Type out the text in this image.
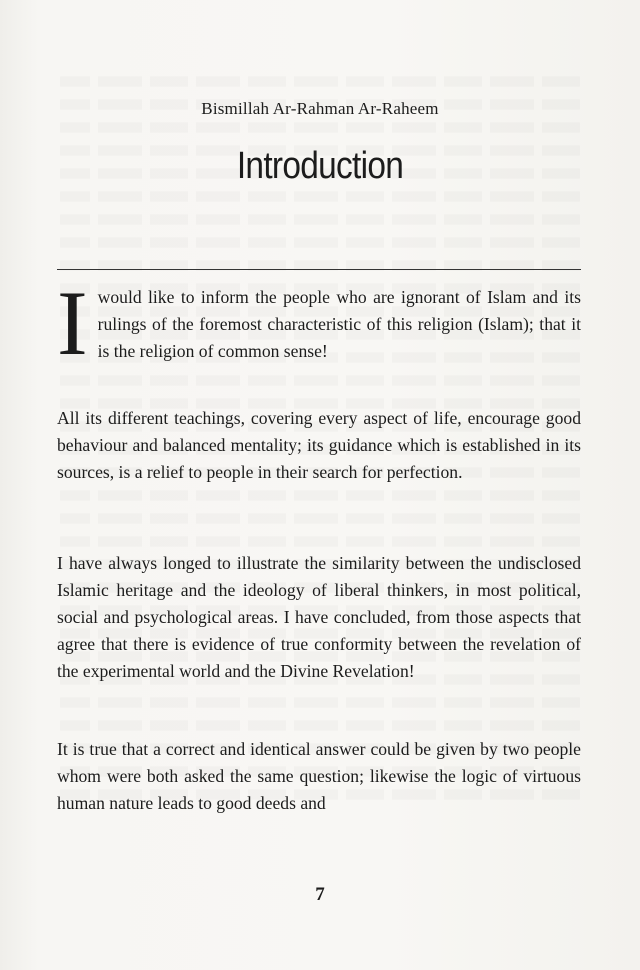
Bismillah Ar-Rahman Ar-Raheem
Introduction
I would like to inform the people who are ignorant of Islam and its rulings of the foremost characteristic of this religion (Islam); that it is the religion of common sense!
All its different teachings, covering every aspect of life, encourage good behaviour and balanced mentality; its guidance which is established in its sources, is a relief to people in their search for perfection.
I have always longed to illustrate the similarity between the undisclosed Islamic heritage and the ideology of liberal thinkers, in most political, social and psychological areas. I have concluded, from those aspects that agree that there is evidence of true conformity between the revelation of the experimental world and the Divine Revelation!
It is true that a correct and identical answer could be given by two people whom were both asked the same question; likewise the logic of virtuous human nature leads to good deeds and
7
